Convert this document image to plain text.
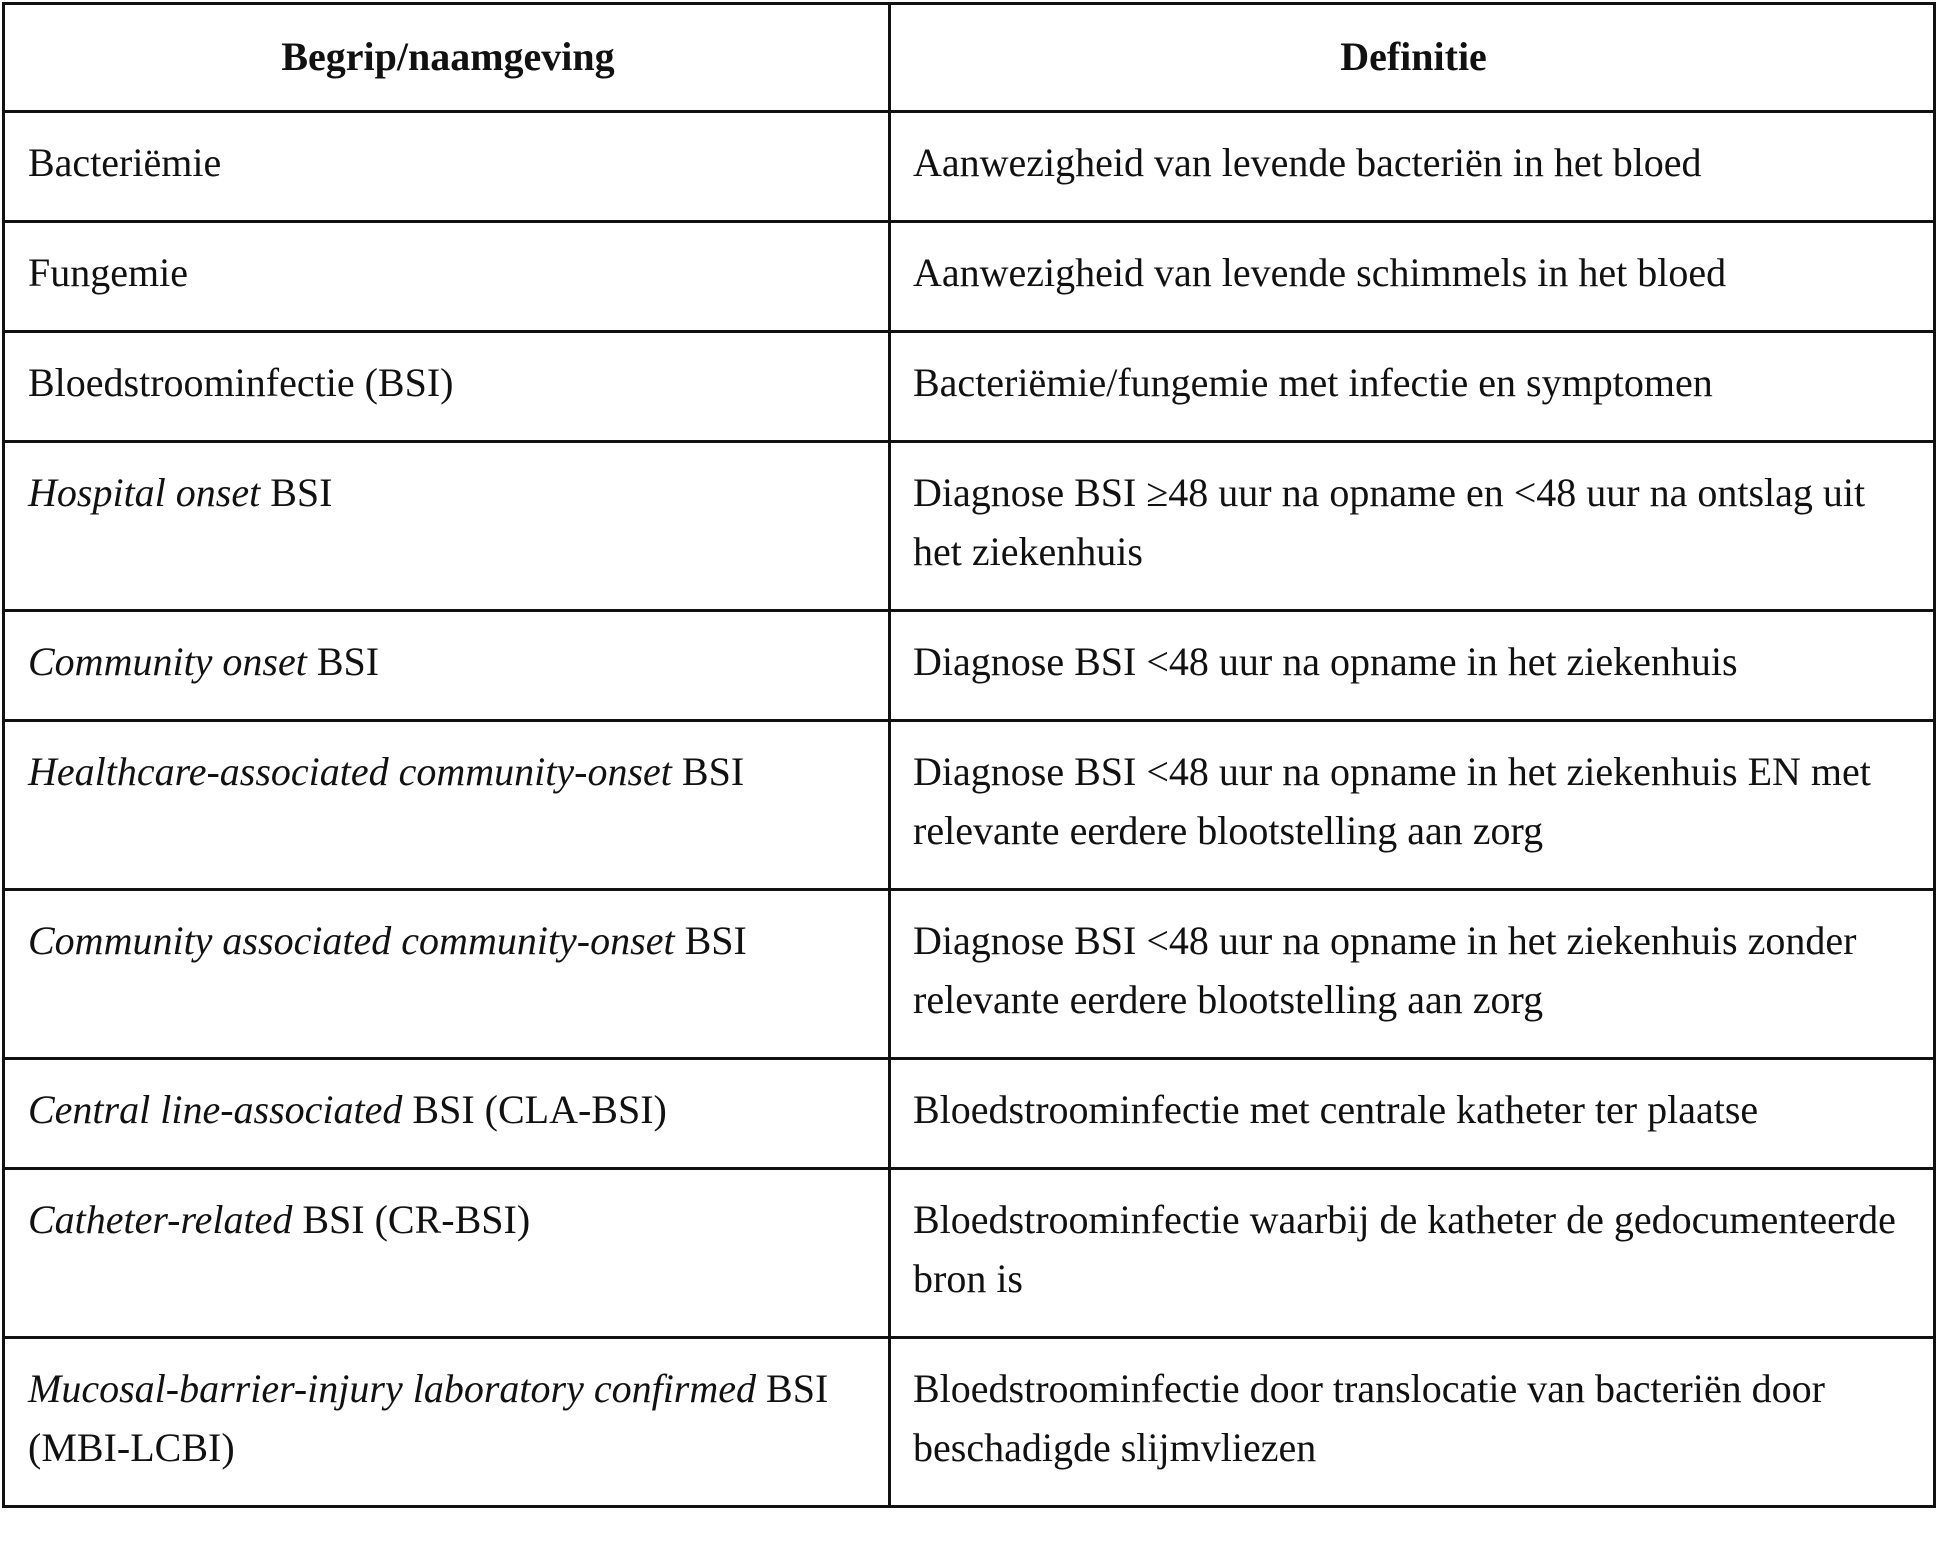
Begrip/naamgeving	Definitie
Bacteriëmie	Aanwezigheid van levende bacteriën in het bloed
Fungemie	Aanwezigheid van levende schimmels in het bloed
Bloedstroominfectie (BSI)	Bacteriëmie/fungemie met infectie en symptomen
Hospital onset BSI	Diagnose BSI ≥48 uur na opname en <48 uur na ontslag uit het ziekenhuis
Community onset BSI	Diagnose BSI <48 uur na opname in het ziekenhuis
Healthcare-associated community-onset BSI	Diagnose BSI <48 uur na opname in het ziekenhuis EN met relevante eerdere blootstelling aan zorg
Community associated community-onset BSI	Diagnose BSI <48 uur na opname in het ziekenhuis zonder relevante eerdere blootstelling aan zorg
Central line-associated BSI (CLA-BSI)	Bloedstroominfectie met centrale katheter ter plaatse
Catheter-related BSI (CR-BSI)	Bloedstroominfectie waarbij de katheter de gedocumenteerde bron is
Mucosal-barrier-injury laboratory confirmed BSI (MBI-LCBI)	Bloedstroominfectie door translocatie van bacteriën door beschadigde slijmvliezen
